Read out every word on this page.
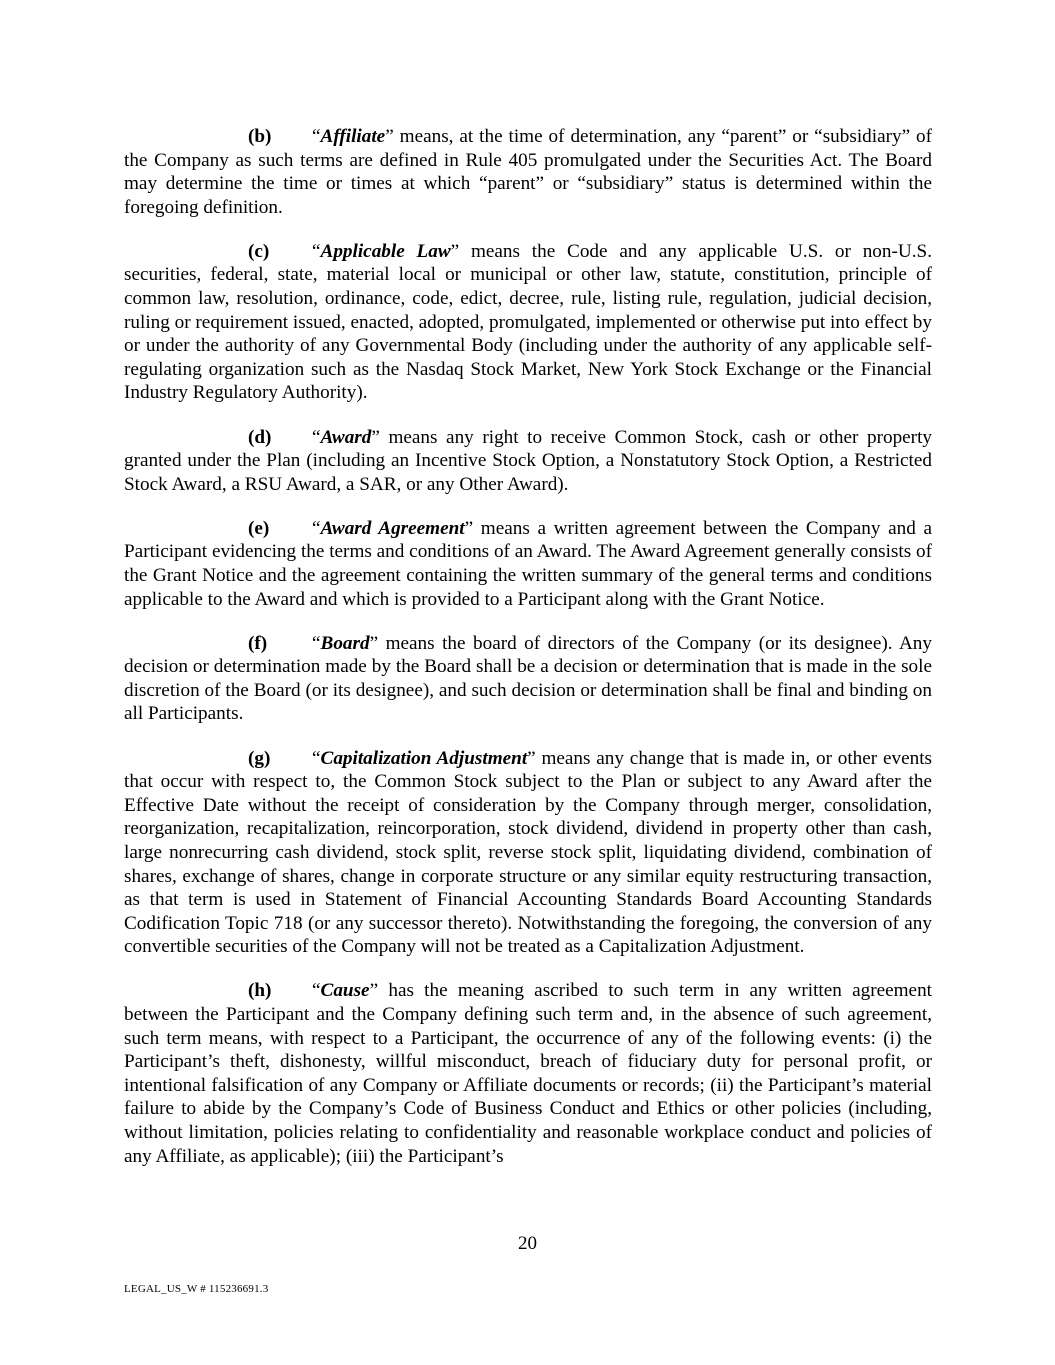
(b) “Affiliate” means, at the time of determination, any “parent” or “subsidiary” of the Company as such terms are defined in Rule 405 promulgated under the Securities Act. The Board may determine the time or times at which “parent” or “subsidiary” status is determined within the foregoing definition.

(c) “Applicable Law” means the Code and any applicable U.S. or non-U.S. securities, federal, state, material local or municipal or other law, statute, constitution, principle of common law, resolution, ordinance, code, edict, decree, rule, listing rule, regulation, judicial decision, ruling or requirement issued, enacted, adopted, promulgated, implemented or otherwise put into effect by or under the authority of any Governmental Body (including under the authority of any applicable self-regulating organization such as the Nasdaq Stock Market, New York Stock Exchange or the Financial Industry Regulatory Authority).

(d) “Award” means any right to receive Common Stock, cash or other property granted under the Plan (including an Incentive Stock Option, a Nonstatutory Stock Option, a Restricted Stock Award, a RSU Award, a SAR, or any Other Award).

(e) “Award Agreement” means a written agreement between the Company and a Participant evidencing the terms and conditions of an Award. The Award Agreement generally consists of the Grant Notice and the agreement containing the written summary of the general terms and conditions applicable to the Award and which is provided to a Participant along with the Grant Notice.

(f) “Board” means the board of directors of the Company (or its designee). Any decision or determination made by the Board shall be a decision or determination that is made in the sole discretion of the Board (or its designee), and such decision or determination shall be final and binding on all Participants.

(g) “Capitalization Adjustment” means any change that is made in, or other events that occur with respect to, the Common Stock subject to the Plan or subject to any Award after the Effective Date without the receipt of consideration by the Company through merger, consolidation, reorganization, recapitalization, reincorporation, stock dividend, dividend in property other than cash, large nonrecurring cash dividend, stock split, reverse stock split, liquidating dividend, combination of shares, exchange of shares, change in corporate structure or any similar equity restructuring transaction, as that term is used in Statement of Financial Accounting Standards Board Accounting Standards Codification Topic 718 (or any successor thereto). Notwithstanding the foregoing, the conversion of any convertible securities of the Company will not be treated as a Capitalization Adjustment.

(h) “Cause” has the meaning ascribed to such term in any written agreement between the Participant and the Company defining such term and, in the absence of such agreement, such term means, with respect to a Participant, the occurrence of any of the following events: (i) the Participant’s theft, dishonesty, willful misconduct, breach of fiduciary duty for personal profit, or intentional falsification of any Company or Affiliate documents or records; (ii) the Participant’s material failure to abide by the Company’s Code of Business Conduct and Ethics or other policies (including, without limitation, policies relating to confidentiality and reasonable workplace conduct and policies of any Affiliate, as applicable); (iii) the Participant’s

20
LEGAL_US_W # 115236691.3
